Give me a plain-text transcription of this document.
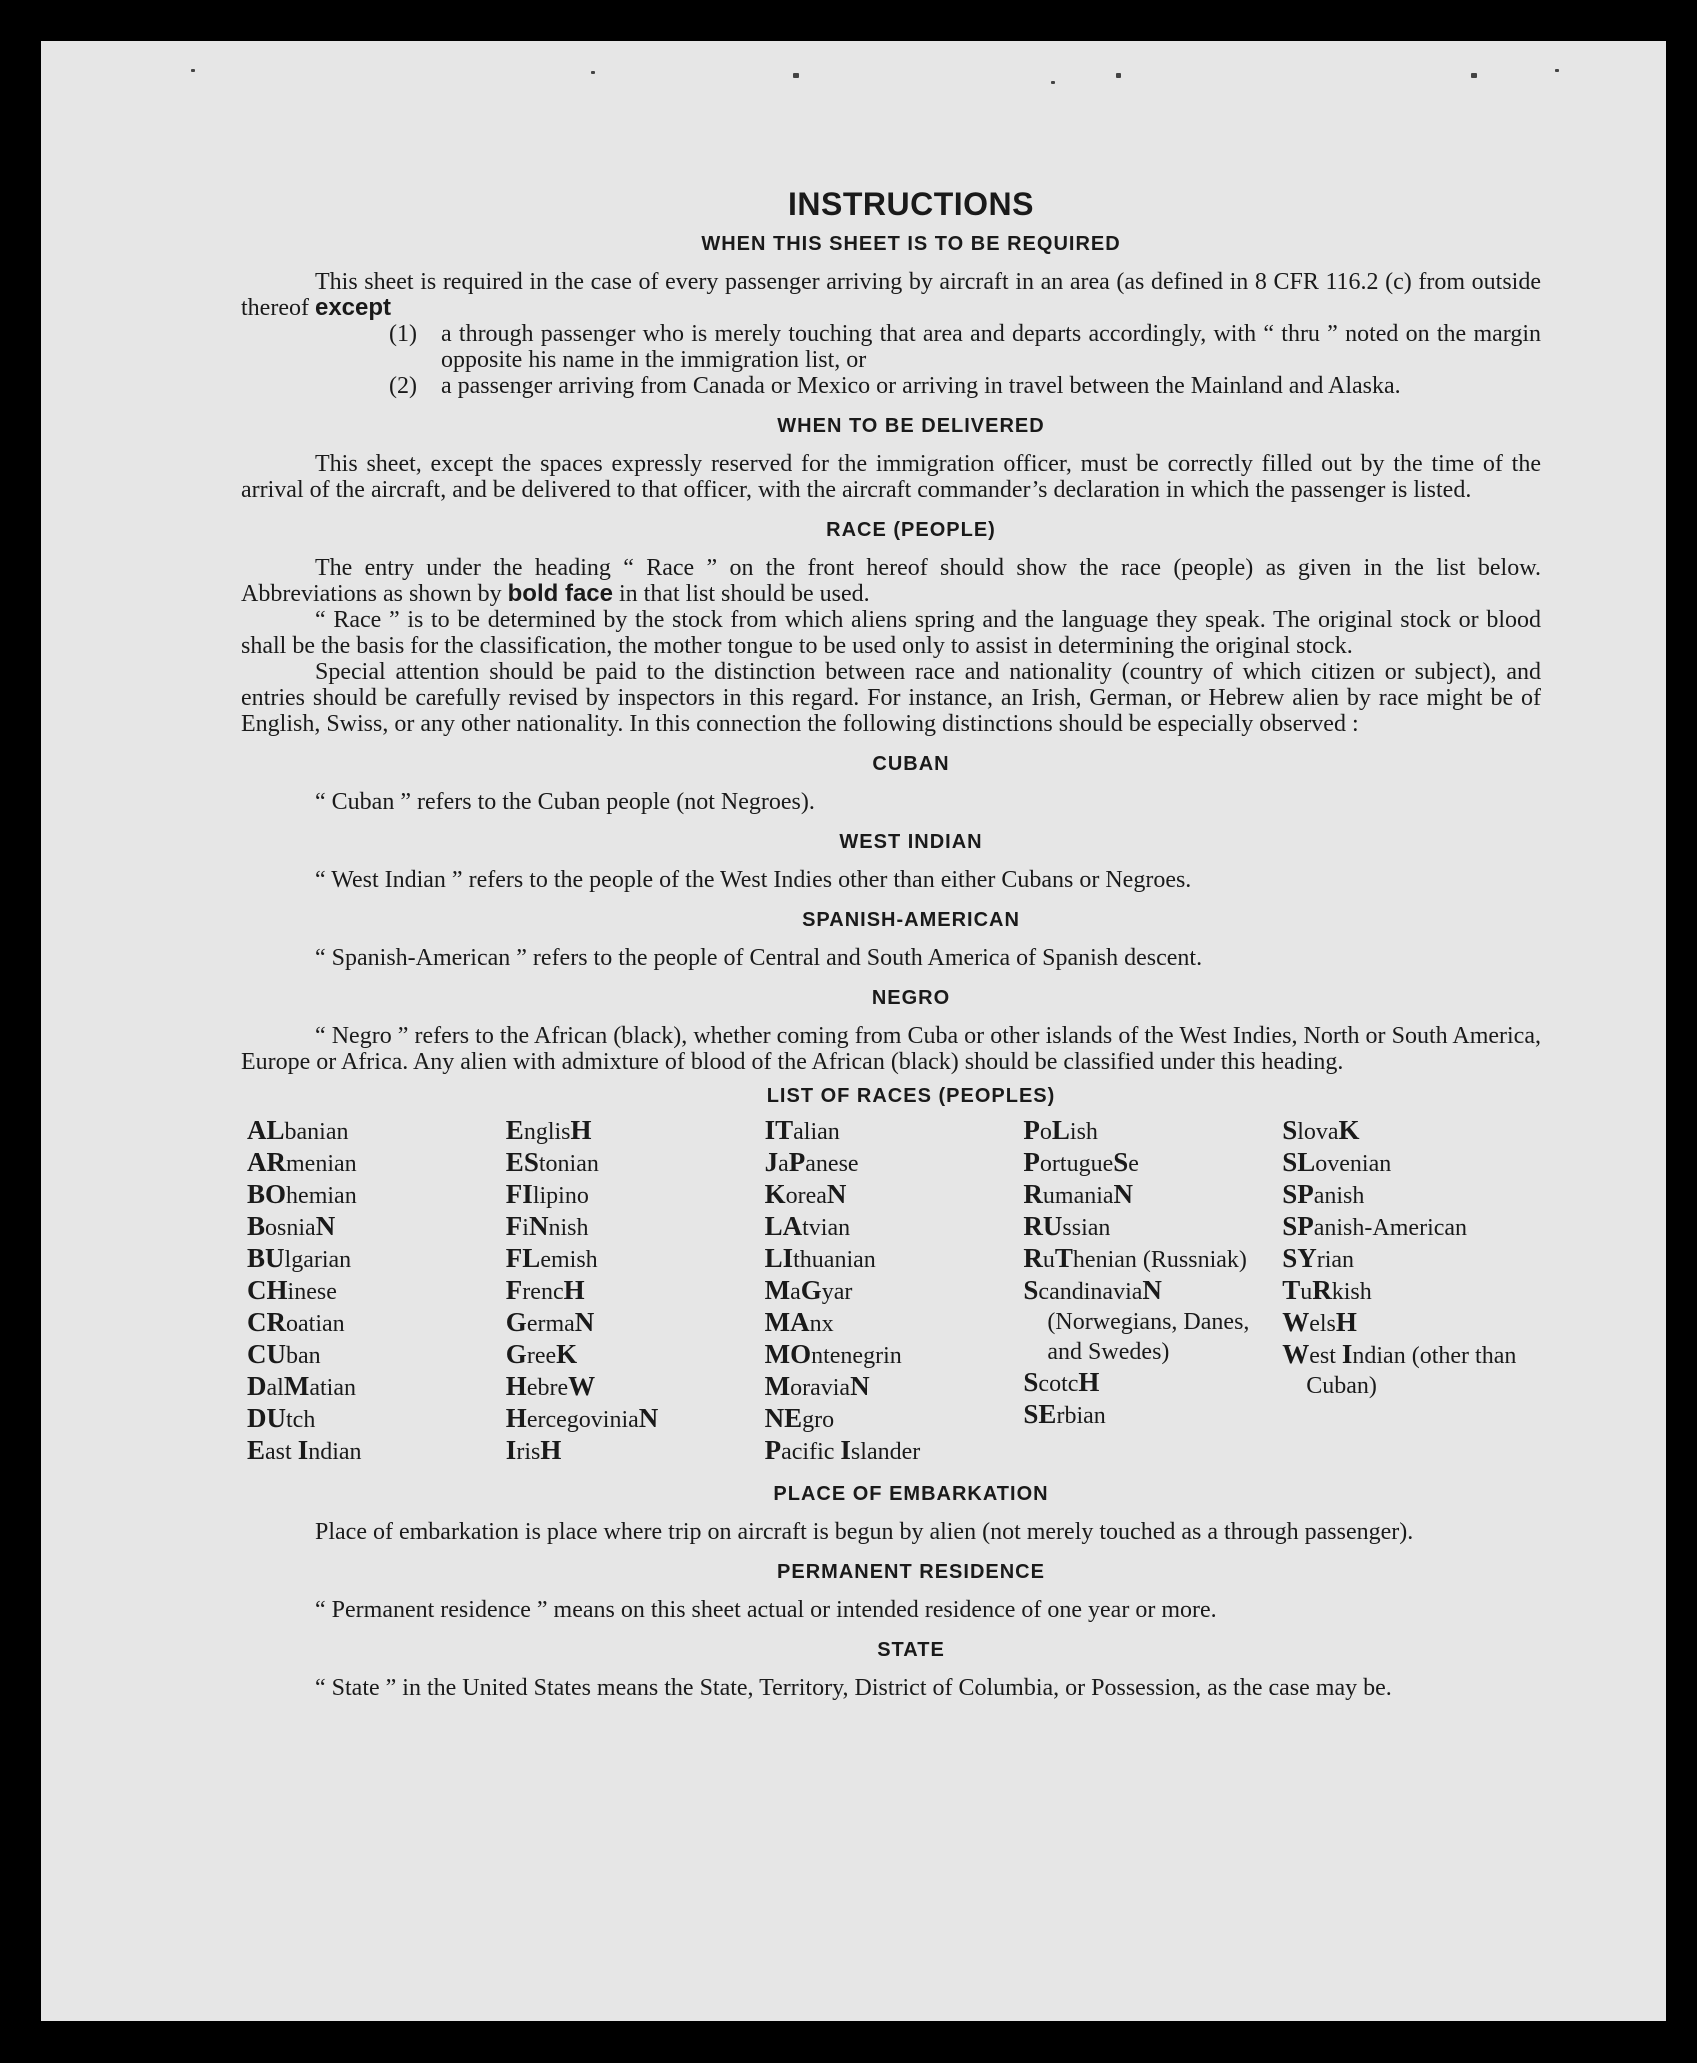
INSTRUCTIONS
WHEN THIS SHEET IS TO BE REQUIRED

This sheet is required in the case of every passenger arriving by aircraft in an area (as defined in 8 CFR 116.2 (c) from outside thereof except

(1)	a through passenger who is merely touching that area and departs accordingly, with “ thru ” noted on the margin opposite his name in the immigration list, or
(2)	a passenger arriving from Canada or Mexico or arriving in travel between the Mainland and Alaska.
WHEN TO BE DELIVERED

This sheet, except the spaces expressly reserved for the immigration officer, must be correctly filled out by the time of the arrival of the aircraft, and be delivered to that officer, with the aircraft commander’s declaration in which the passenger is listed.

RACE (PEOPLE)

The entry under the heading “ Race ” on the front hereof should show the race (people) as given in the list below. Abbreviations as shown by bold face in that list should be used.

“ Race ” is to be determined by the stock from which aliens spring and the language they speak. The original stock or blood shall be the basis for the classification, the mother tongue to be used only to assist in determining the original stock.

Special attention should be paid to the distinction between race and nationality (country of which citizen or subject), and entries should be carefully revised by inspectors in this regard. For instance, an Irish, German, or Hebrew alien by race might be of English, Swiss, or any other nationality. In this connection the following distinctions should be especially observed :

CUBAN

“ Cuban ” refers to the Cuban people (not Negroes).

WEST INDIAN

“ West Indian ” refers to the people of the West Indies other than either Cubans or Negroes.

SPANISH-AMERICAN

“ Spanish-American ” refers to the people of Central and South America of Spanish descent.

NEGRO

“ Negro ” refers to the African (black), whether coming from Cuba or other islands of the West Indies, North or South America, Europe or Africa. Any alien with admixture of blood of the African (black) should be classified under this heading.

LIST OF RACES (PEOPLES)
ALbanian
ARmenian
BOhemian
BosniaN
BUlgarian
CHinese
CRoatian
CUban
DalMatian
DUtch
East Indian
EnglisH
EStonian
FIlipino
FiNnish
FLemish
FrencH
GermaN
GreeK
HebreW
HercegoviniaN
IrisH
ITalian
JaPanese
KoreaN
LAtvian
LIthuanian
MaGyar
MAnx
MOntenegrin
MoraviaN
NEgro
Pacific Islander
PoLish
PortugueSe
RumaniaN
RUssian
RuThenian (Russniak)
ScandinaviaN (Norwegians, Danes, and Swedes)
ScotcH
SErbian
SlovaK
SLovenian
SPanish
SPanish-American
SYrian
TuRkish
WelsH
West Indian (other than Cuban)
PLACE OF EMBARKATION

Place of embarkation is place where trip on aircraft is begun by alien (not merely touched as a through passenger).

PERMANENT RESIDENCE

“ Permanent residence ” means on this sheet actual or intended residence of one year or more.

STATE

“ State ” in the United States means the State, Territory, District of Columbia, or Possession, as the case may be.
